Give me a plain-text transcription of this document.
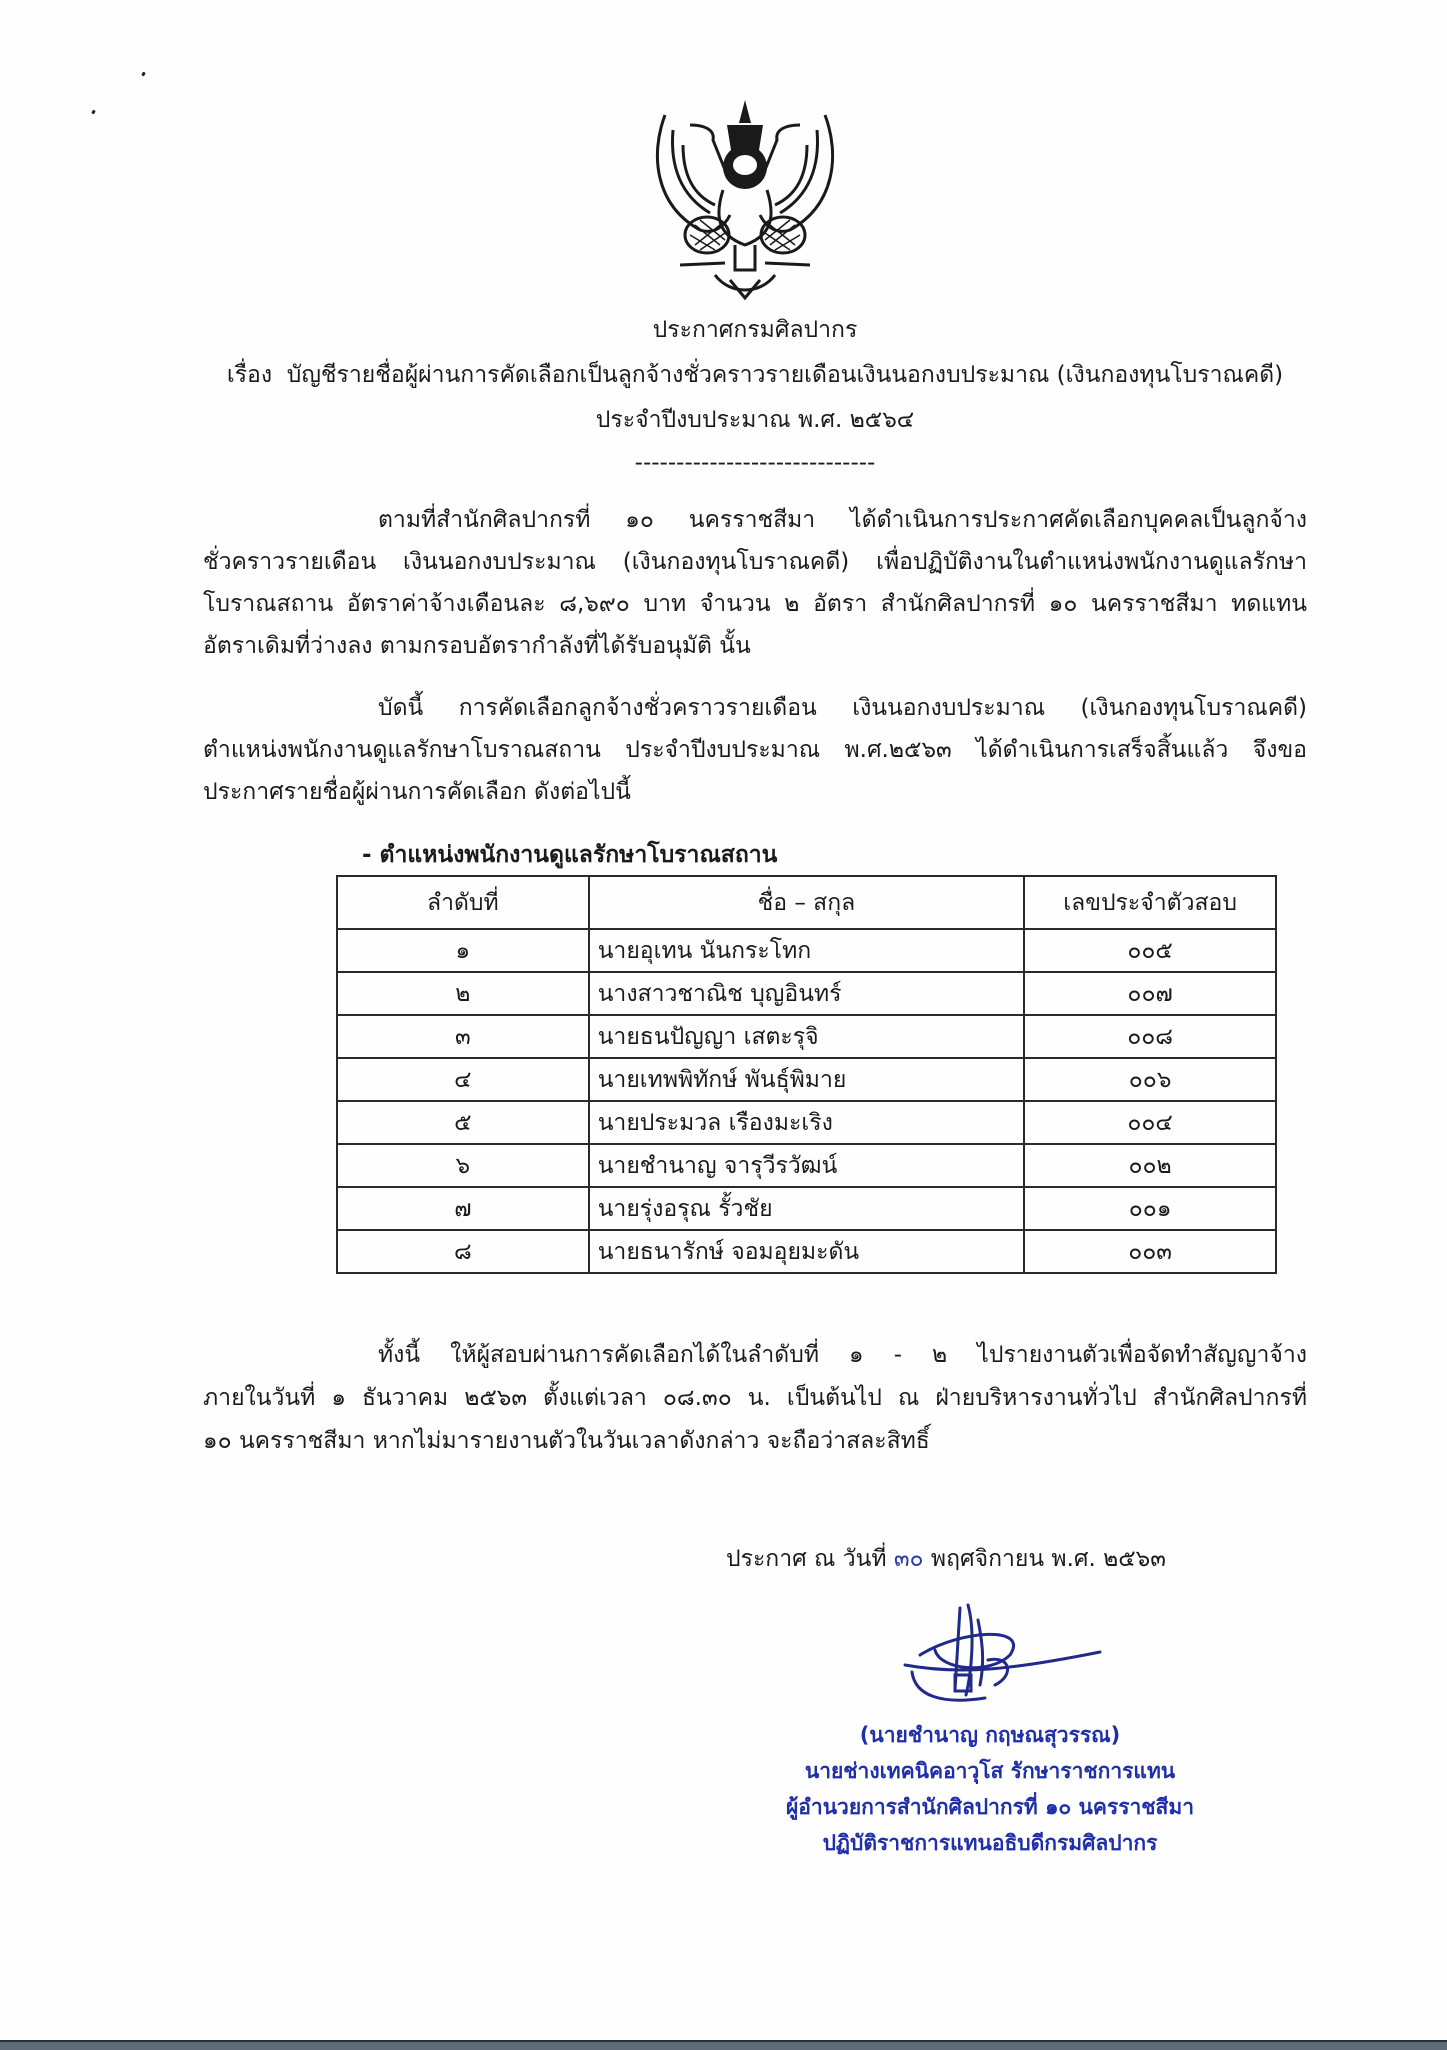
ประกาศกรมศิลปากร
เรื่อง บัญชีรายชื่อผู้ผ่านการคัดเลือกเป็นลูกจ้างชั่วคราวรายเดือนเงินนอกงบประมาณ (เงินกองทุนโบราณคดี)
ประจำปีงบประมาณ พ.ศ. ๒๕๖๔
-----------------------------
ตามที่สำนักศิลปากรที่ ๑๐ นครราชสีมา ได้ดำเนินการประกาศคัดเลือกบุคคลเป็นลูกจ้าง
ชั่วคราวรายเดือน เงินนอกงบประมาณ (เงินกองทุนโบราณคดี) เพื่อปฏิบัติงานในตำแหน่งพนักงานดูแลรักษา
โบราณสถาน อัตราค่าจ้างเดือนละ ๘,๖๙๐ บาท จำนวน ๒ อัตรา สำนักศิลปากรที่ ๑๐ นครราชสีมา ทดแทน
อัตราเดิมที่ว่างลง ตามกรอบอัตรากำลังที่ได้รับอนุมัติ นั้น
บัดนี้ การคัดเลือกลูกจ้างชั่วคราวรายเดือน เงินนอกงบประมาณ (เงินกองทุนโบราณคดี)
ตำแหน่งพนักงานดูแลรักษาโบราณสถาน ประจำปีงบประมาณ พ.ศ.๒๕๖๓ ได้ดำเนินการเสร็จสิ้นแล้ว จึงขอ
ประกาศรายชื่อผู้ผ่านการคัดเลือก ดังต่อไปนี้
- ตำแหน่งพนักงานดูแลรักษาโบราณสถาน
ลำดับที่	ชื่อ – สกุล	เลขประจำตัวสอบ
๑	นายอุเทน นันกระโทก	๐๐๕
๒	นางสาวชาณิช บุญอินทร์	๐๐๗
๓	นายธนปัญญา เสตะรุจิ	๐๐๘
๔	นายเทพพิทักษ์ พันธุ์พิมาย	๐๐๖
๕	นายประมวล เรืองมะเริง	๐๐๔
๖	นายชำนาญ จารุวีรวัฒน์	๐๐๒
๗	นายรุ่งอรุณ รั้วชัย	๐๐๑
๘	นายธนารักษ์ จอมอุยมะดัน	๐๐๓
ทั้งนี้ ให้ผู้สอบผ่านการคัดเลือกได้ในลำดับที่ ๑ - ๒ ไปรายงานตัวเพื่อจัดทำสัญญาจ้าง
ภายในวันที่ ๑ ธันวาคม ๒๕๖๓ ตั้งแต่เวลา ๐๘.๓๐ น. เป็นต้นไป ณ ฝ่ายบริหารงานทั่วไป สำนักศิลปากรที่
๑๐ นครราชสีมา หากไม่มารายงานตัวในวันเวลาดังกล่าว จะถือว่าสละสิทธิ์
ประกาศ ณ วันที่ ๓๐ พฤศจิกายน พ.ศ. ๒๕๖๓
(นายชำนาญ กฤษณสุวรรณ)
นายช่างเทคนิคอาวุโส รักษาราชการแทน
ผู้อำนวยการสำนักศิลปากรที่ ๑๐ นครราชสีมา
ปฏิบัติราชการแทนอธิบดีกรมศิลปากร
